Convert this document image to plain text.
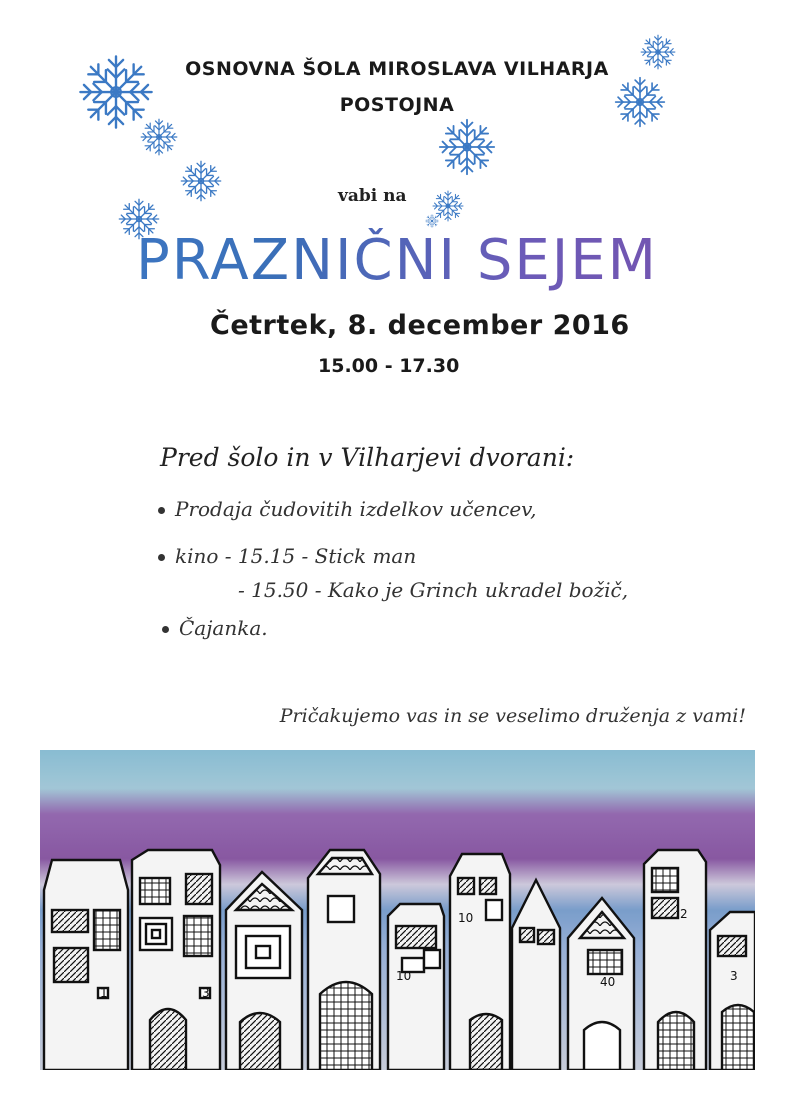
OSNOVNA ŠOLA MIROSLAVA VILHARJA
POSTOJNA
vabi na
PRAZNIČNI SEJEM
Četrtek, 8. december 2016
15.00 - 17.30
Pred šolo in v Vilharjevi dvorani:
Prodaja čudovitih izdelkov učencev,
kino - 15.15 - Stick man
- 15.50 - Kako je Grinch ukradel božič,
Čajanka.
Pričakujemo vas in se veselimo druženja z vami!
1	3
10
10	40
2
3
